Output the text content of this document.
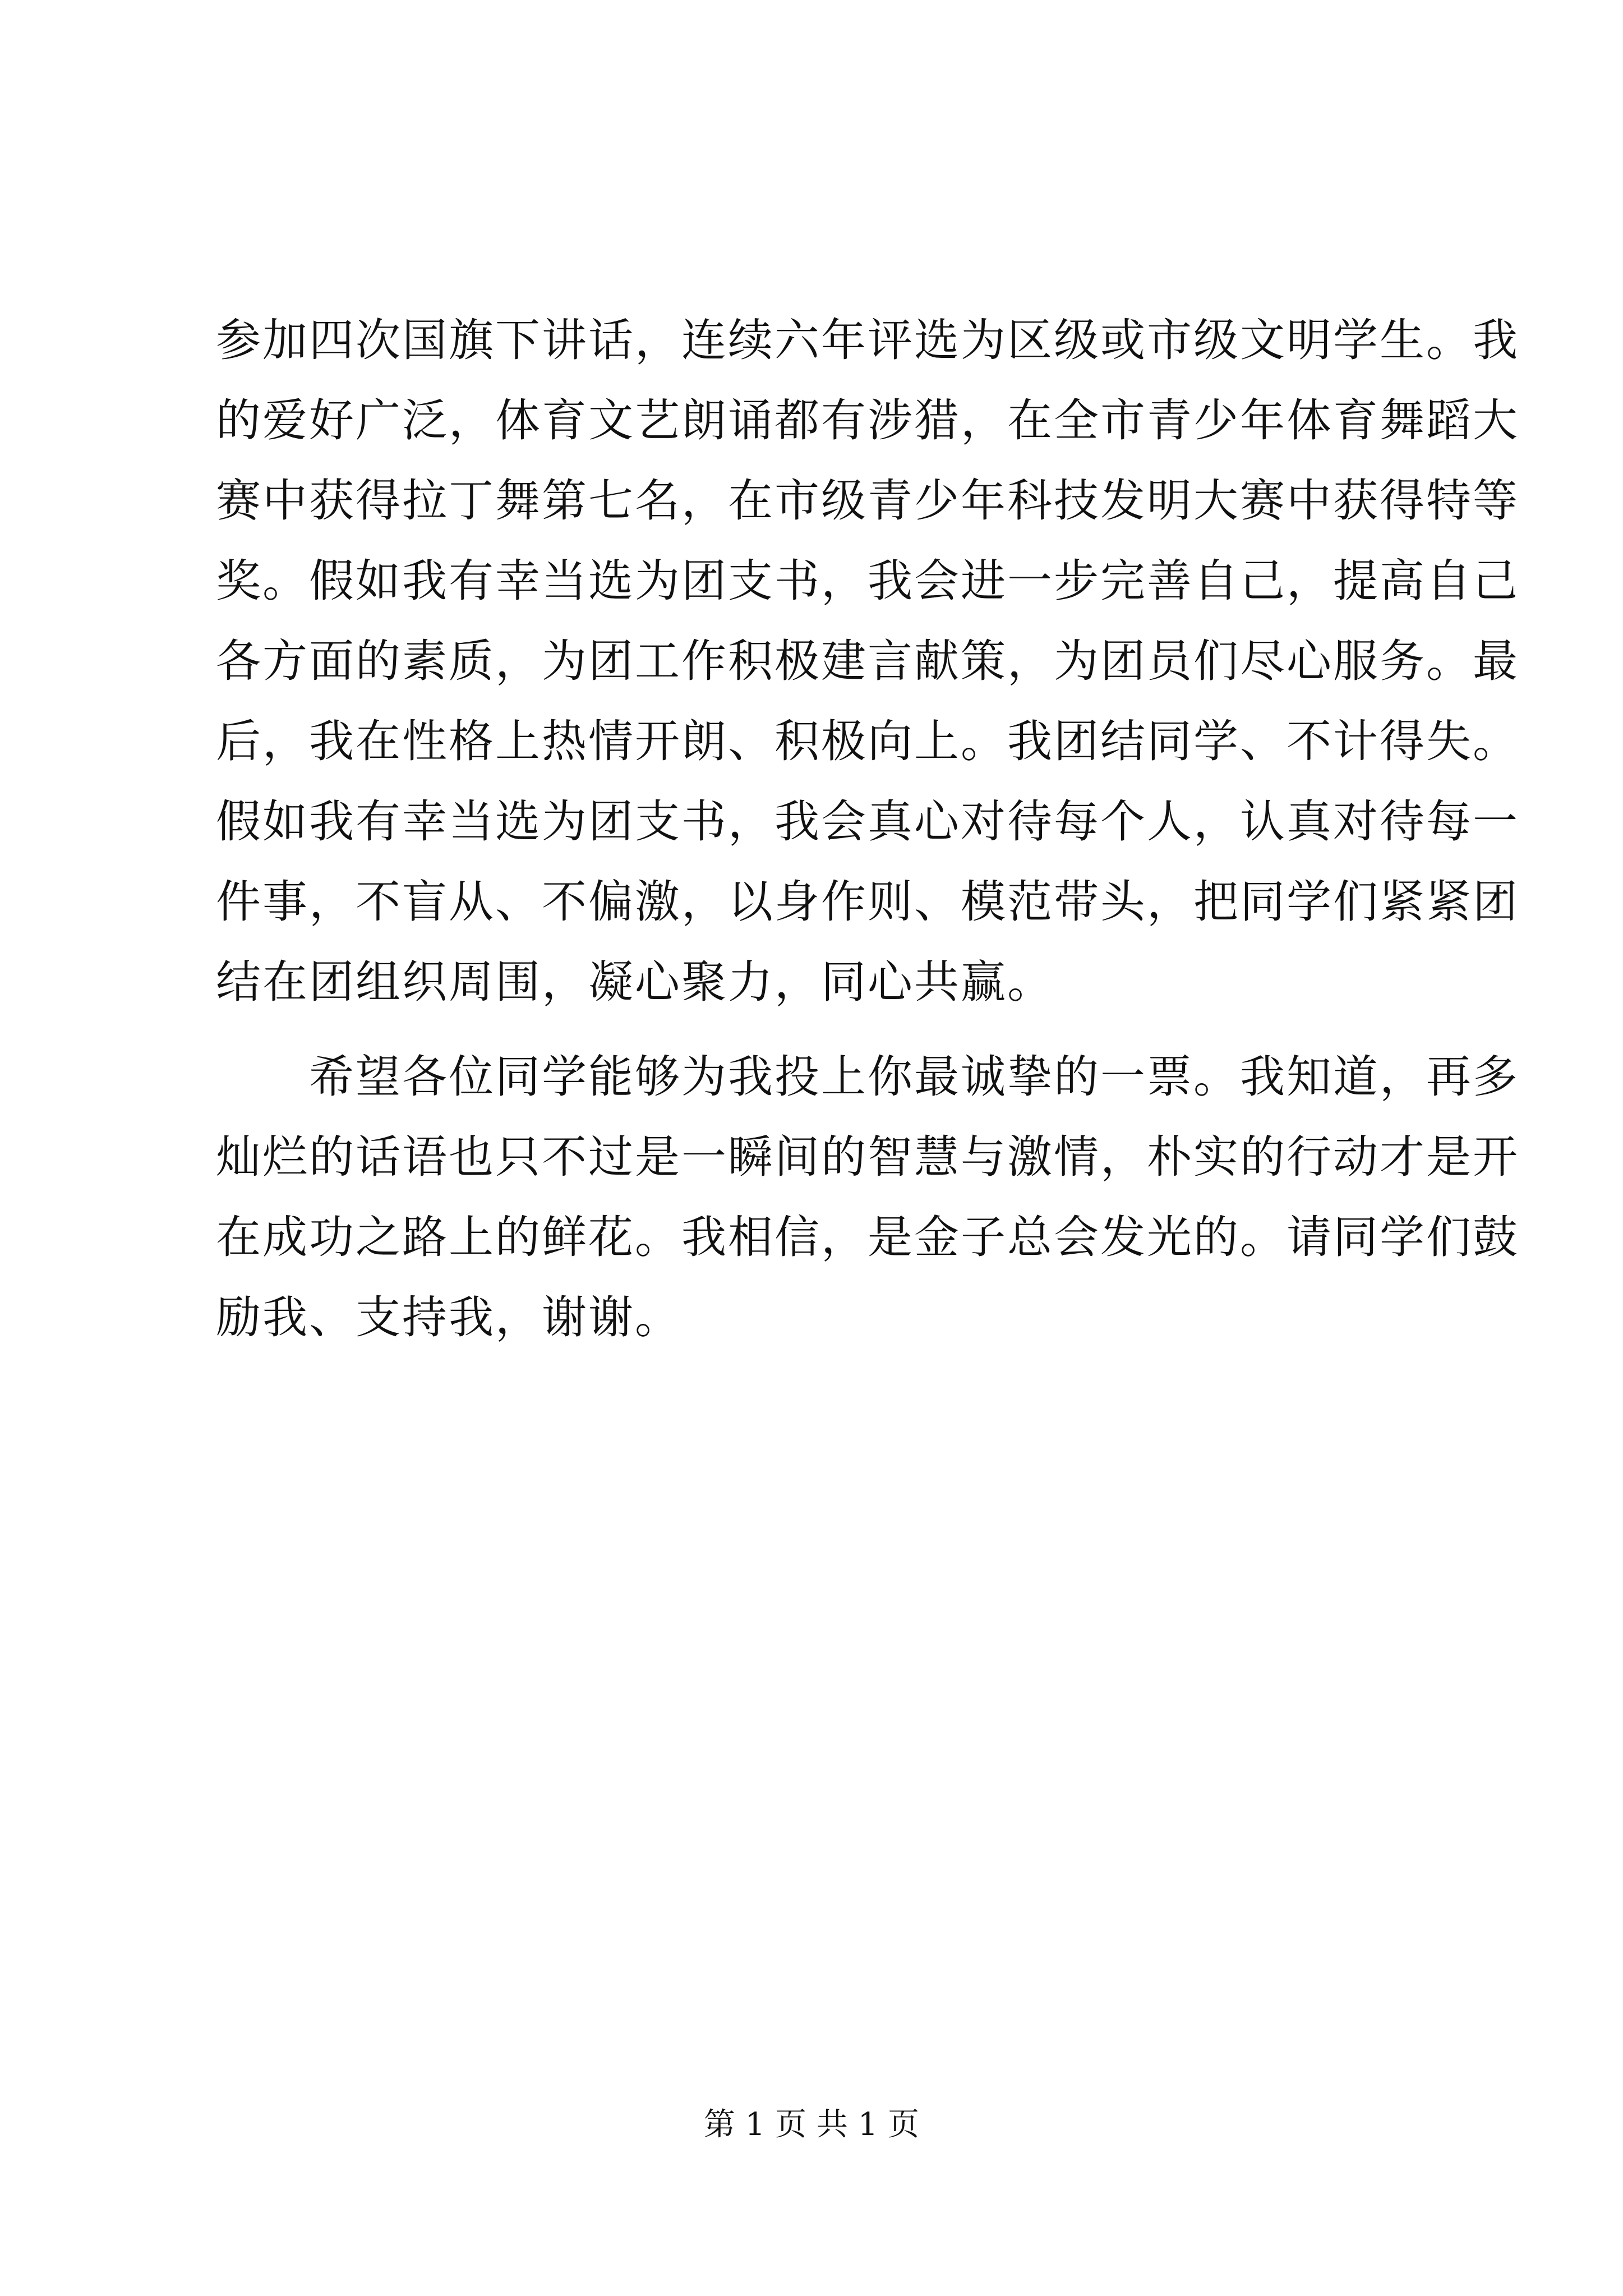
参加四次国旗下讲话，连续六年评选为区级或市级文明学生。我
的爱好广泛，体育文艺朗诵都有涉猎，在全市青少年体育舞蹈大
赛中获得拉丁舞第七名，在市级青少年科技发明大赛中获得特等
奖。假如我有幸当选为团支书，我会进一步完善自己，提高自己
各方面的素质，为团工作积极建言献策，为团员们尽心服务。最
后，我在性格上热情开朗、积极向上。我团结同学、不计得失。
假如我有幸当选为团支书，我会真心对待每个人，认真对待每一
件事，不盲从、不偏激，以身作则、模范带头，把同学们紧紧团
结在团组织周围，凝心聚力，同心共赢。
　　希望各位同学能够为我投上你最诚挚的一票。我知道，再多
灿烂的话语也只不过是一瞬间的智慧与激情，朴实的行动才是开
在成功之路上的鲜花。我相信，是金子总会发光的。请同学们鼓
励我、支持我，谢谢。
第 1 页 共 1 页
